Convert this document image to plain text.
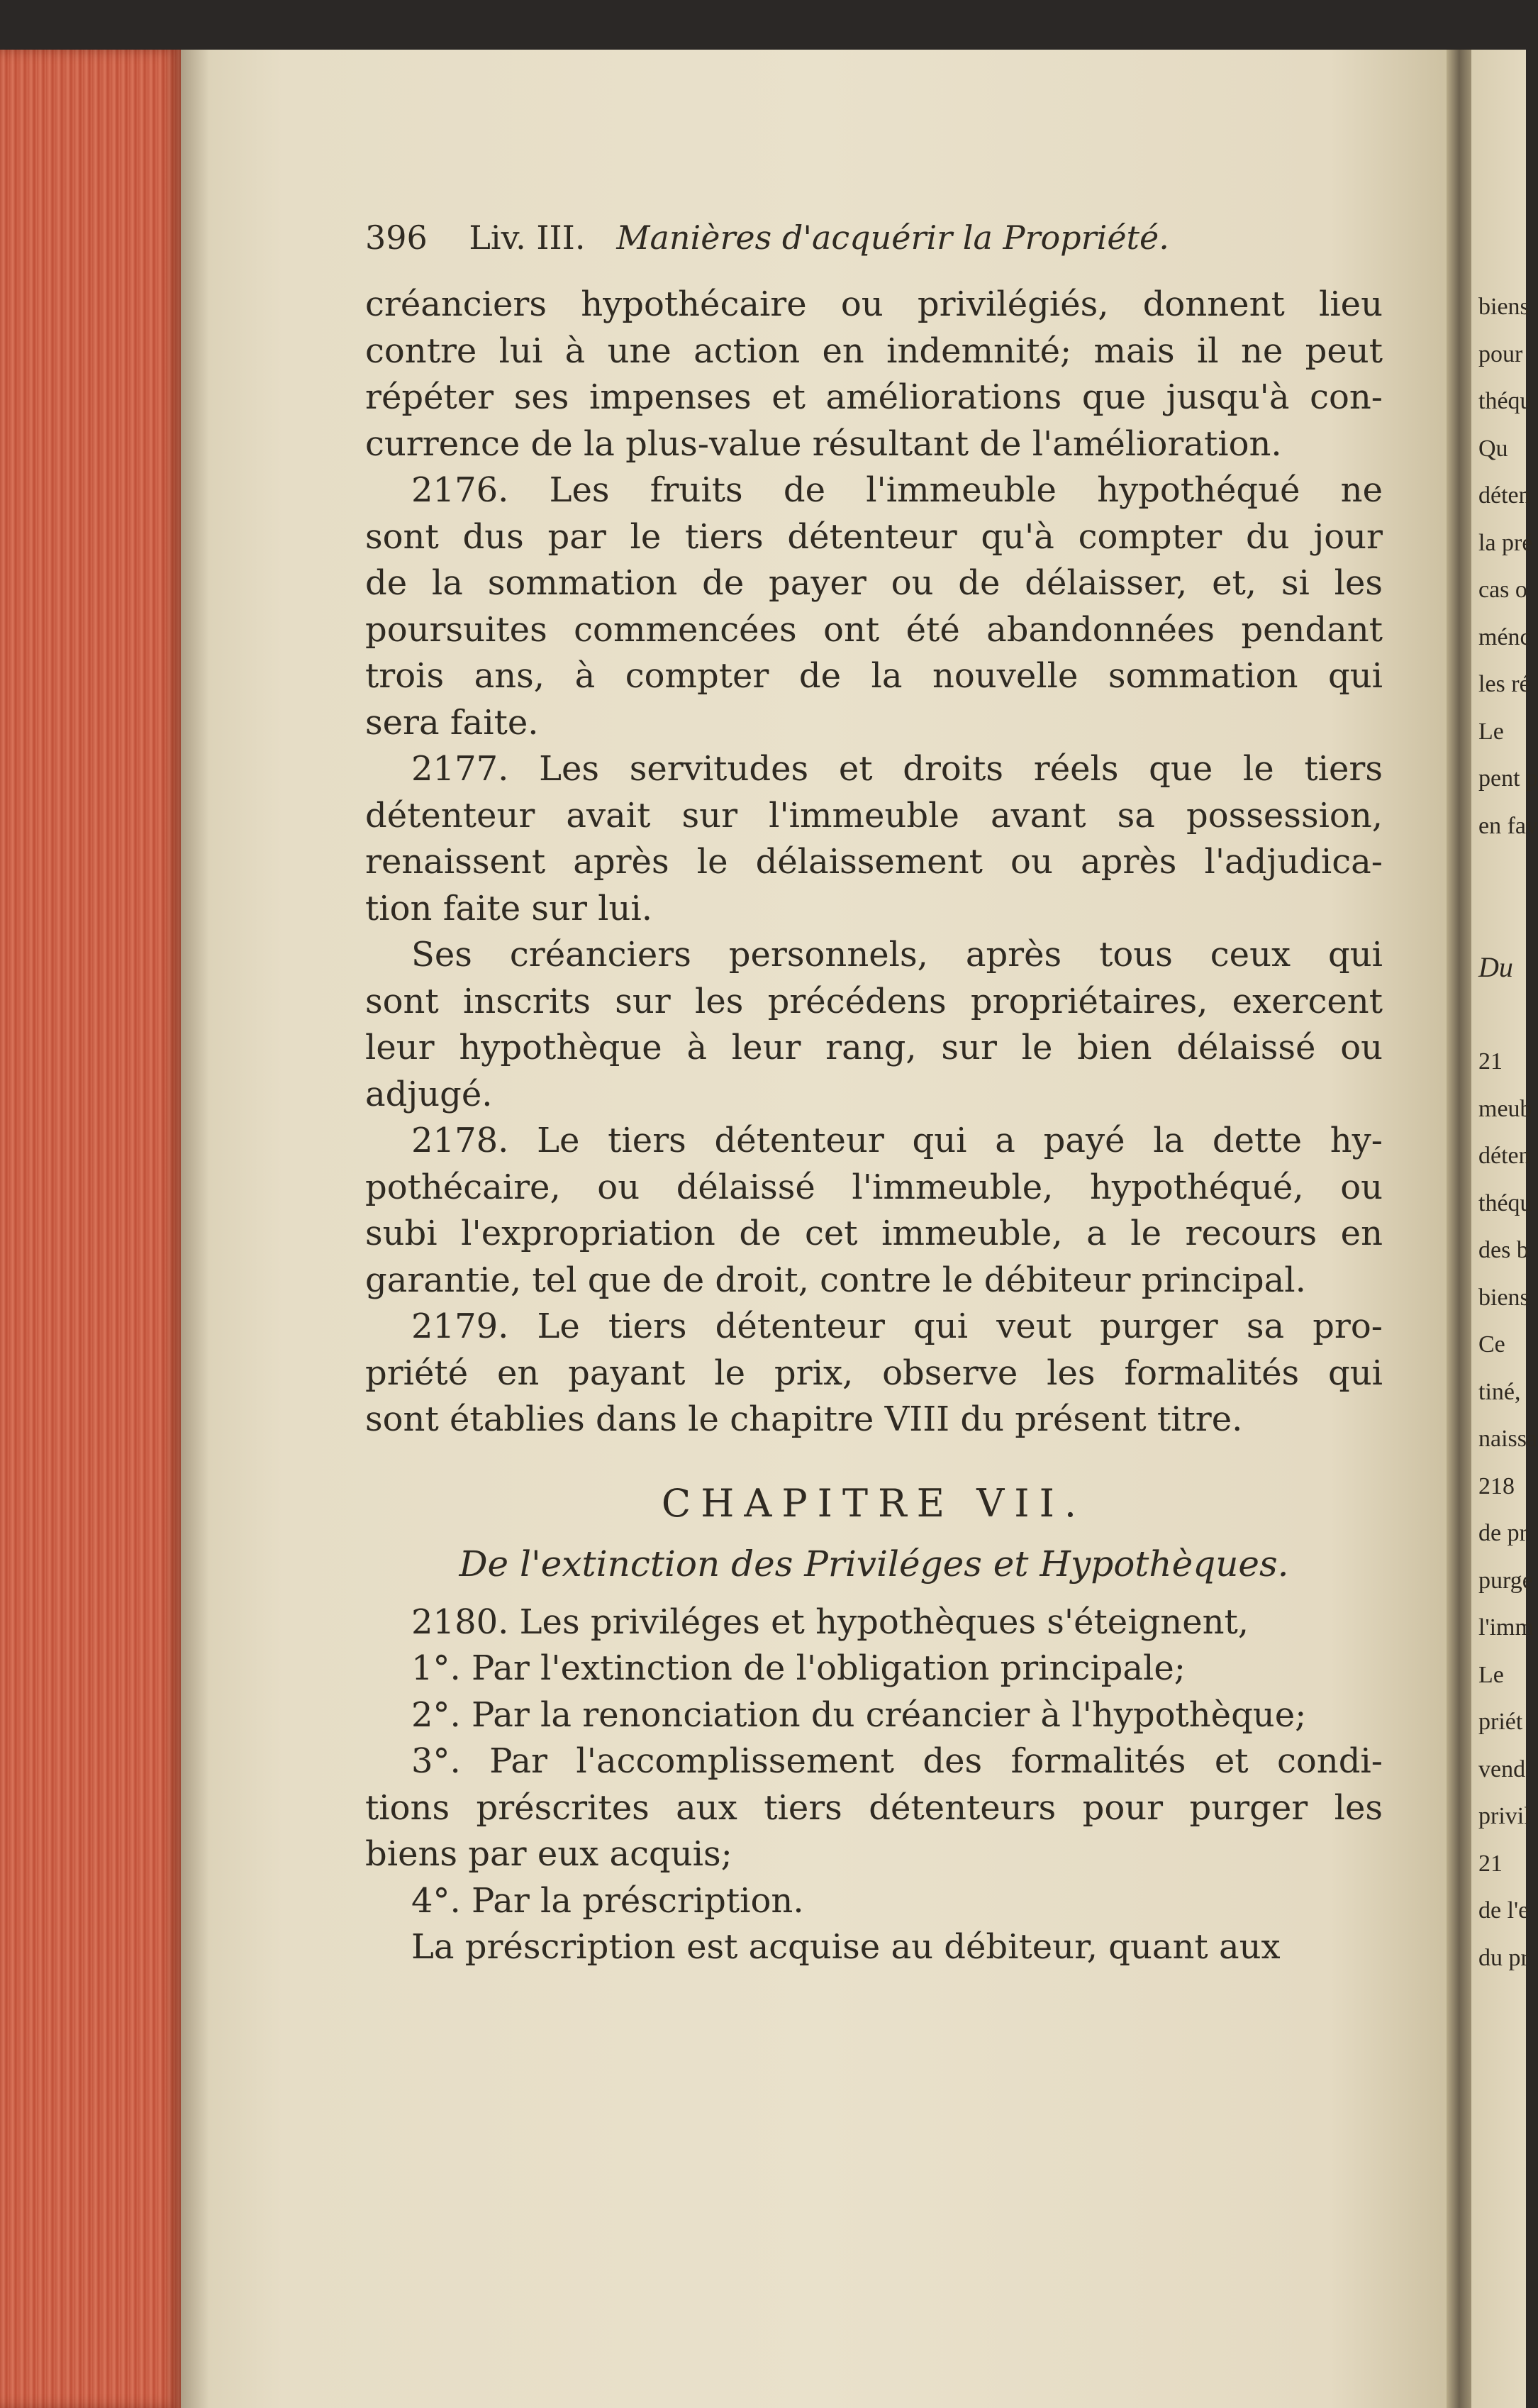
396 Liv. III. Manières d'acquérir la Propriété.
créanciers hypothécaire ou privilégiés, donnent lieu
contre lui à une action en indemnité; mais il ne peut
répéter ses impenses et améliorations que jusqu'à con-
currence de la plus-value résultant de l'amélioration.
2176. Les fruits de l'immeuble hypothéqué ne
sont dus par le tiers détenteur qu'à compter du jour
de la sommation de payer ou de délaisser, et, si les
poursuites commencées ont été abandonnées pendant
trois ans, à compter de la nouvelle sommation qui
sera faite.
2177. Les servitudes et droits réels que le tiers
détenteur avait sur l'immeuble avant sa possession,
renaissent après le délaissement ou après l'adjudica-
tion faite sur lui.
Ses créanciers personnels, après tous ceux qui
sont inscrits sur les précédens propriétaires, exercent
leur hypothèque à leur rang, sur le bien délaissé ou
adjugé.
2178. Le tiers détenteur qui a payé la dette hy-
pothécaire, ou délaissé l'immeuble, hypothéqué, ou
subi l'expropriation de cet immeuble, a le recours en
garantie, tel que de droit, contre le débiteur principal.
2179. Le tiers détenteur qui veut purger sa pro-
priété en payant le prix, observe les formalités qui
sont établies dans le chapitre VIII du présent titre.
CHAPITRE VII.
De l'extinction des Priviléges et Hypothèques.
2180. Les priviléges et hypothèques s'éteignent,
1°. Par l'extinction de l'obligation principale;
2°. Par la renonciation du créancier à l'hypothèque;
3°. Par l'accomplissement des formalités et condi-
tions préscrites aux tiers détenteurs pour purger les
biens par eux acquis;
4°. Par la préscription.
La préscription est acquise au débiteur, quant aux
biens
pour
théqu
Qu
déten
la pré
cas o
ménc
les ré
Le
pent p
en fav
Du
21
meub
déten
théqu
des b
biens
Ce
tiné,
naissa
218
de pr
purge
l'imm
Le
priét
vend
privil
21
de l'e
du pr
